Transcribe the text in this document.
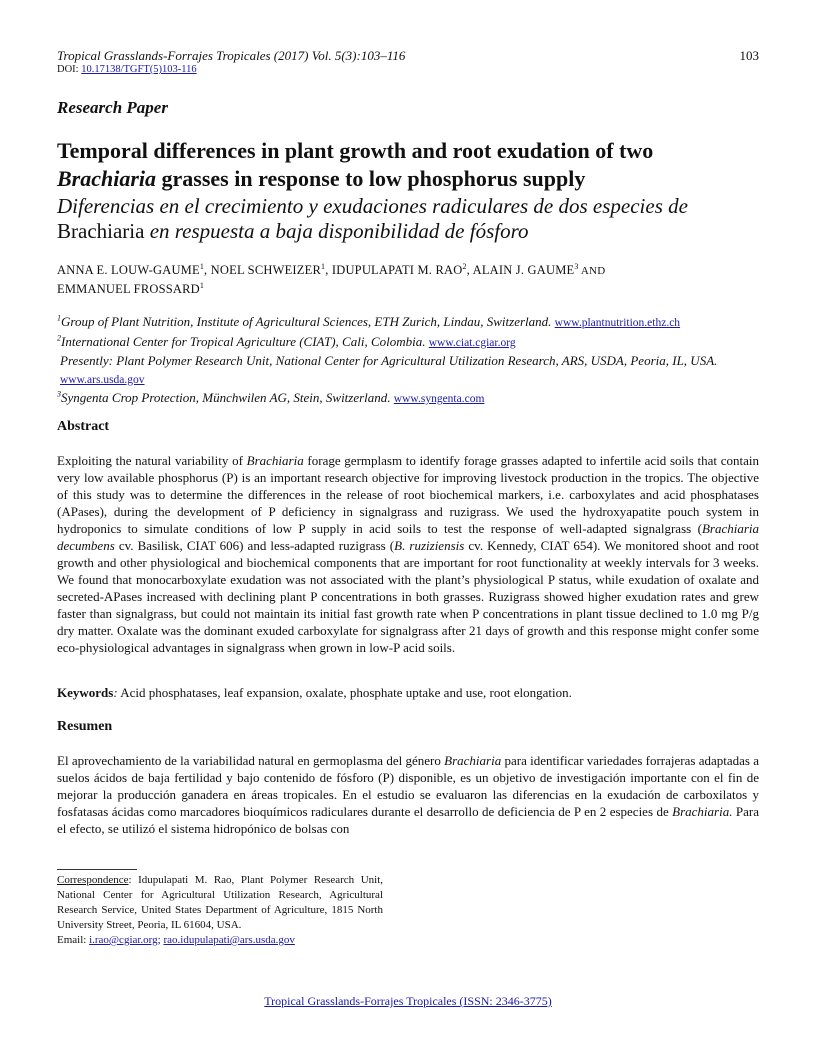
Tropical Grasslands-Forrajes Tropicales (2017) Vol. 5(3):103–116	103
DOI: 10.17138/TGFT(5)103-116
Research Paper
Temporal differences in plant growth and root exudation of two
Brachiaria grasses in response to low phosphorus supply
Diferencias en el crecimiento y exudaciones radiculares de dos especies de
Brachiaria en respuesta a baja disponibilidad de fósforo
ANNA E. LOUW-GAUME$^1$, NOEL SCHWEIZER$^1$, IDUPULAPATI M. RAO$^2$, ALAIN J. GAUME$^3$ AND
EMMANUEL FROSSARD$^1$
$^1$Group of Plant Nutrition, Institute of Agricultural Sciences, ETH Zurich, Lindau, Switzerland. www.plantnutrition.ethz.ch
$^2$International Center for Tropical Agriculture (CIAT), Cali, Colombia. www.ciat.cgiar.org
Presently: Plant Polymer Research Unit, National Center for Agricultural Utilization Research, ARS, USDA, Peoria, IL, USA. www.ars.usda.gov
$^3$Syngenta Crop Protection, Münchwilen AG, Stein, Switzerland. www.syngenta.com
Abstract
Exploiting the natural variability of Brachiaria forage germplasm to identify forage grasses adapted to infertile acid soils that contain very low available phosphorus (P) is an important research objective for improving livestock production in the tropics. The objective of this study was to determine the differences in the release of root biochemical markers, i.e. carboxylates and acid phosphatases (APases), during the development of P deficiency in signalgrass and ruzigrass. We used the hydroxyapatite pouch system in hydroponics to simulate conditions of low P supply in acid soils to test the response of well-adapted signalgrass (Brachiaria decumbens cv. Basilisk, CIAT 606) and less-adapted ruzigrass (B. ruziziensis cv. Kennedy, CIAT 654). We monitored shoot and root growth and other physiological and biochemical components that are important for root functionality at weekly intervals for 3 weeks. We found that monocarboxylate exudation was not associated with the plant’s physiological P status, while exudation of oxalate and secreted-APases increased with declining plant P concentrations in both grasses. Ruzigrass showed higher exudation rates and grew faster than signalgrass, but could not maintain its initial fast growth rate when P concentrations in plant tissue declined to 1.0 mg P/g dry matter. Oxalate was the dominant exuded carboxylate for signalgrass after 21 days of growth and this response might confer some eco-physiological advantages in signalgrass when grown in low-P acid soils.
Keywords: Acid phosphatases, leaf expansion, oxalate, phosphate uptake and use, root elongation.
Resumen
El aprovechamiento de la variabilidad natural en germoplasma del género Brachiaria para identificar variedades forrajeras adaptadas a suelos ácidos de baja fertilidad y bajo contenido de fósforo (P) disponible, es un objetivo de investigación importante con el fin de mejorar la producción ganadera en áreas tropicales. En el estudio se evaluaron las diferencias en la exudación de carboxilatos y fosfatasas ácidas como marcadores bioquímicos radiculares durante el desarrollo de deficiencia de P en 2 especies de Brachiaria. Para el efecto, se utilizó el sistema hidropónico de bolsas con
Correspondence: Idupulapati M. Rao, Plant Polymer Research Unit, National Center for Agricultural Utilization Research, Agricultural Research Service, United States Department of Agriculture, 1815 North University Street, Peoria, IL 61604, USA.
Email: i.rao@cgiar.org; rao.idupulapati@ars.usda.gov
Tropical Grasslands-Forrajes Tropicales (ISSN: 2346-3775)
